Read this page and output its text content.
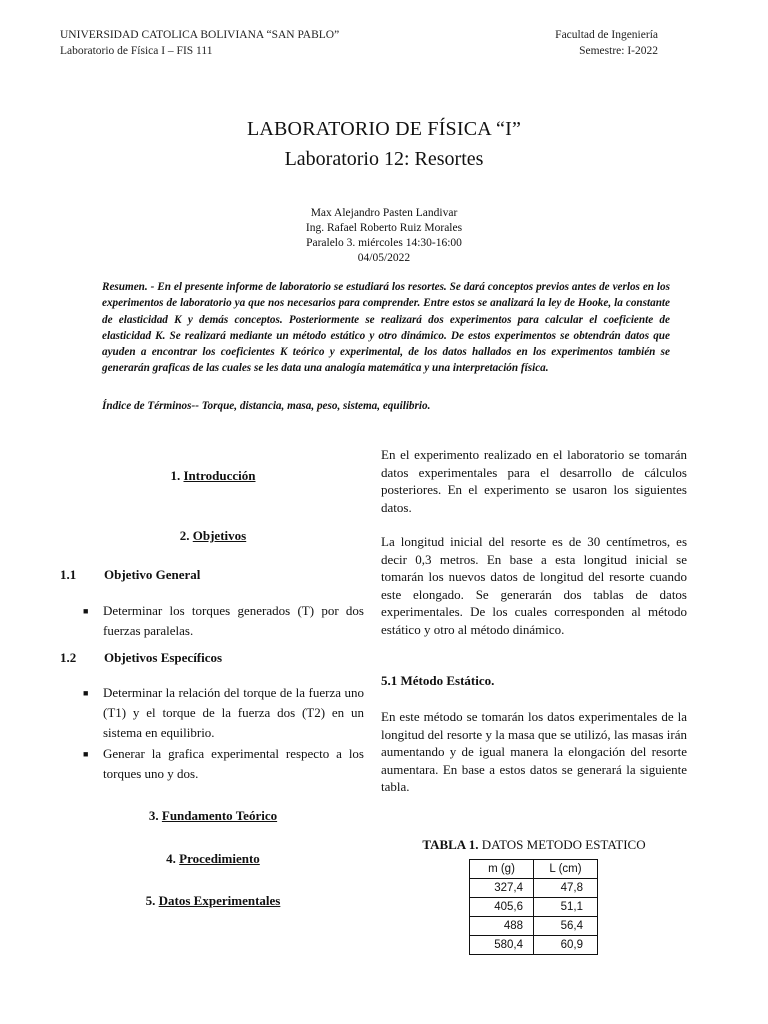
UNIVERSIDAD CATOLICA BOLIVIANA “SAN PABLO”
Laboratorio de Física I – FIS 111
Facultad de Ingeniería
Semestre: I-2022
LABORATORIO DE FÍSICA “I”
Laboratorio 12: Resortes
Max Alejandro Pasten Landivar
Ing. Rafael Roberto Ruiz Morales
Paralelo 3. miércoles 14:30-16:00
04/05/2022
Resumen. - En el presente informe de laboratorio se estudiará los resortes. Se dará conceptos previos antes de verlos en los experimentos de laboratorio ya que nos necesarios para comprender. Entre estos se analizará la ley de Hooke, la constante de elasticidad K y demás conceptos. Posteriormente se realizará dos experimentos para calcular el coeficiente de elasticidad K. Se realizará mediante un método estático y otro dinámico. De estos experimentos se obtendrán datos que ayuden a encontrar los coeficientes K teórico y experimental, de los datos hallados en los experimentos también se generarán graficas de las cuales se les data una analogía matemática y una interpretación física.
Índice de Términos-- Torque, distancia, masa, peso, sistema, equilibrio.
1. Introducción
2. Objetivos
1.1 Objetivo General
■ Determinar los torques generados (T) por dos fuerzas paralelas.
1.2 Objetivos Específicos
■ Determinar la relación del torque de la fuerza uno (T1) y el torque de la fuerza dos (T2) en un sistema en equilibrio.
■ Generar la grafica experimental respecto a los torques uno y dos.
3. Fundamento Teórico
4. Procedimiento
5. Datos Experimentales
En el experimento realizado en el laboratorio se tomarán datos experimentales para el desarrollo de cálculos posteriores. En el experimento se usaron los siguientes datos.
La longitud inicial del resorte es de 30 centímetros, es decir 0,3 metros. En base a esta longitud inicial se tomarán los nuevos datos de longitud del resorte cuando este elongado. Se generarán dos tablas de datos experimentales. De los cuales corresponden al método estático y otro al método dinámico.
5.1 Método Estático.
En este método se tomarán los datos experimentales de la longitud del resorte y la masa que se utilizó, las masas irán aumentando y de igual manera la elongación del resorte aumentara. En base a estos datos se generará la siguiente tabla.
TABLA 1. DATOS METODO ESTATICO
m (g)	L (cm)
327,4	47,8
405,6	51,1
488	56,4
580,4	60,9
